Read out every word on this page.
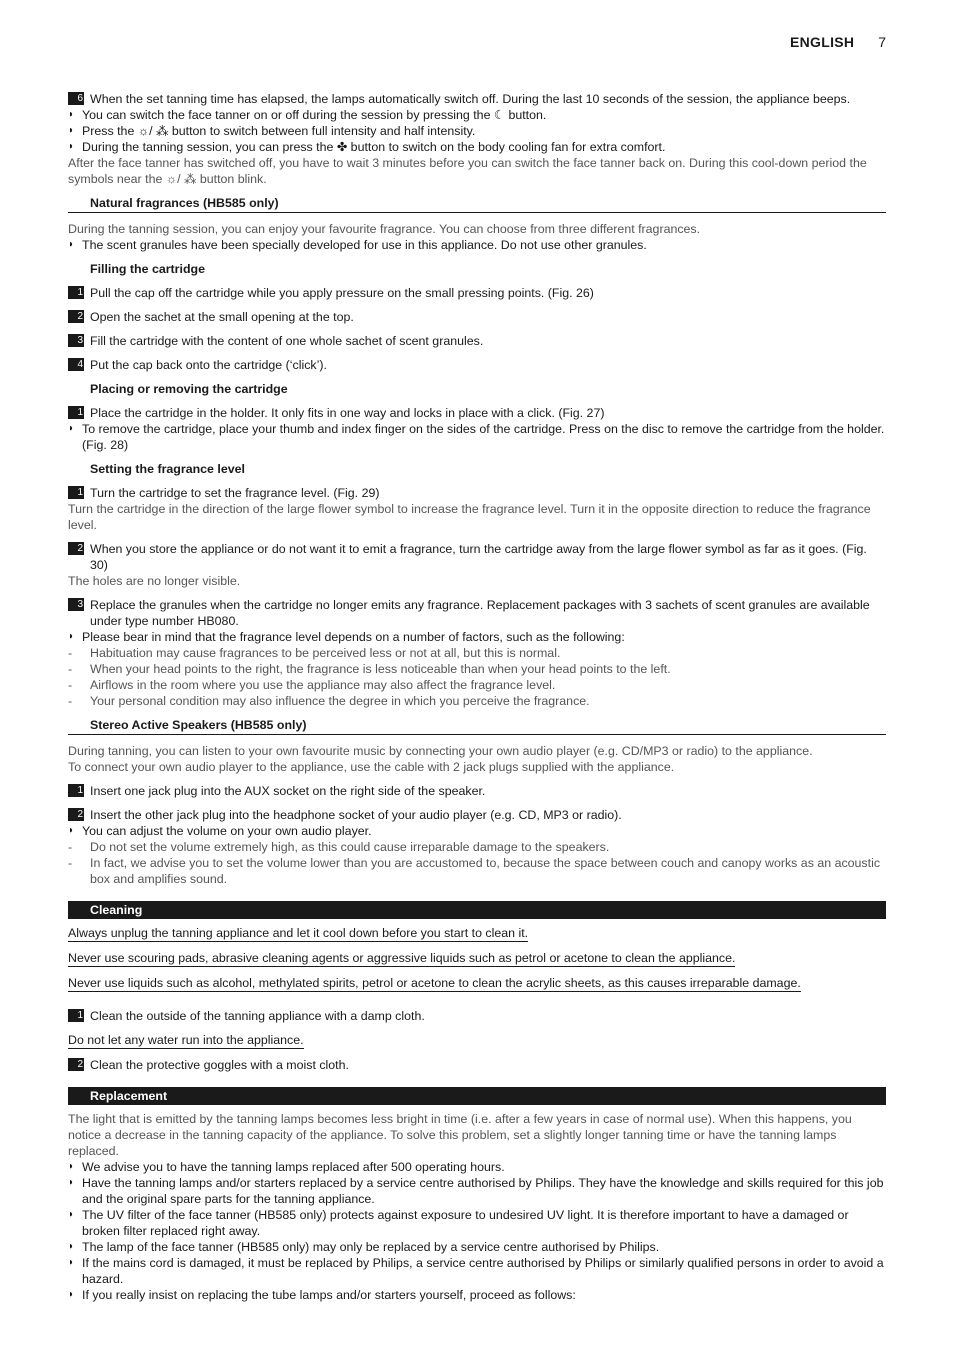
ENGLISH 7
6 When the set tanning time has elapsed, the lamps automatically switch off. During the last 10 seconds of the session, the appliance beeps.
◗ You can switch the face tanner on or off during the session by pressing the ☾ button.
◗ Press the ☼/ ⁂ button to switch between full intensity and half intensity.
◗ During the tanning session, you can press the ✤ button to switch on the body cooling fan for extra comfort.
After the face tanner has switched off, you have to wait 3 minutes before you can switch the face tanner back on. During this cool-down period the symbols near the ☼/ ⁂ button blink.
Natural fragrances (HB585 only)
During the tanning session, you can enjoy your favourite fragrance. You can choose from three different fragrances.
◗ The scent granules have been specially developed for use in this appliance. Do not use other granules.
Filling the cartridge
1 Pull the cap off the cartridge while you apply pressure on the small pressing points. (Fig. 26)
2 Open the sachet at the small opening at the top.
3 Fill the cartridge with the content of one whole sachet of scent granules.
4 Put the cap back onto the cartridge (‘click’).
Placing or removing the cartridge
1 Place the cartridge in the holder. It only fits in one way and locks in place with a click. (Fig. 27)
◗ To remove the cartridge, place your thumb and index finger on the sides of the cartridge. Press on the disc to remove the cartridge from the holder. (Fig. 28)
Setting the fragrance level
1 Turn the cartridge to set the fragrance level. (Fig. 29)
Turn the cartridge in the direction of the large flower symbol to increase the fragrance level. Turn it in the opposite direction to reduce the fragrance level.
2 When you store the appliance or do not want it to emit a fragrance, turn the cartridge away from the large flower symbol as far as it goes. (Fig. 30)
The holes are no longer visible.
3 Replace the granules when the cartridge no longer emits any fragrance. Replacement packages with 3 sachets of scent granules are available under type number HB080.
◗ Please bear in mind that the fragrance level depends on a number of factors, such as the following:
-	Habituation may cause fragrances to be perceived less or not at all, but this is normal.
-	When your head points to the right, the fragrance is less noticeable than when your head points to the left.
-	Airflows in the room where you use the appliance may also affect the fragrance level.
-	Your personal condition may also influence the degree in which you perceive the fragrance.
Stereo Active Speakers (HB585 only)
During tanning, you can listen to your own favourite music by connecting your own audio player (e.g. CD/MP3 or radio) to the appliance.
To connect your own audio player to the appliance, use the cable with 2 jack plugs supplied with the appliance.
1 Insert one jack plug into the AUX socket on the right side of the speaker.
2 Insert the other jack plug into the headphone socket of your audio player (e.g. CD, MP3 or radio).
◗ You can adjust the volume on your own audio player.
-	Do not set the volume extremely high, as this could cause irreparable damage to the speakers.
-	In fact, we advise you to set the volume lower than you are accustomed to, because the space between couch and canopy works as an acoustic box and amplifies sound.
Cleaning
Always unplug the tanning appliance and let it cool down before you start to clean it.
Never use scouring pads, abrasive cleaning agents or aggressive liquids such as petrol or acetone to clean the appliance.
Never use liquids such as alcohol, methylated spirits, petrol or acetone to clean the acrylic sheets, as this causes irreparable damage.
1 Clean the outside of the tanning appliance with a damp cloth.
Do not let any water run into the appliance.
2 Clean the protective goggles with a moist cloth.
Replacement
The light that is emitted by the tanning lamps becomes less bright in time (i.e. after a few years in case of normal use). When this happens, you notice a decrease in the tanning capacity of the appliance. To solve this problem, set a slightly longer tanning time or have the tanning lamps replaced.
◗ We advise you to have the tanning lamps replaced after 500 operating hours.
◗ Have the tanning lamps and/or starters replaced by a service centre authorised by Philips. They have the knowledge and skills required for this job and the original spare parts for the tanning appliance.
◗ The UV filter of the face tanner (HB585 only) protects against exposure to undesired UV light. It is therefore important to have a damaged or broken filter replaced right away.
◗ The lamp of the face tanner (HB585 only) may only be replaced by a service centre authorised by Philips.
◗ If the mains cord is damaged, it must be replaced by Philips, a service centre authorised by Philips or similarly qualified persons in order to avoid a hazard.
◗ If you really insist on replacing the tube lamps and/or starters yourself, proceed as follows:
